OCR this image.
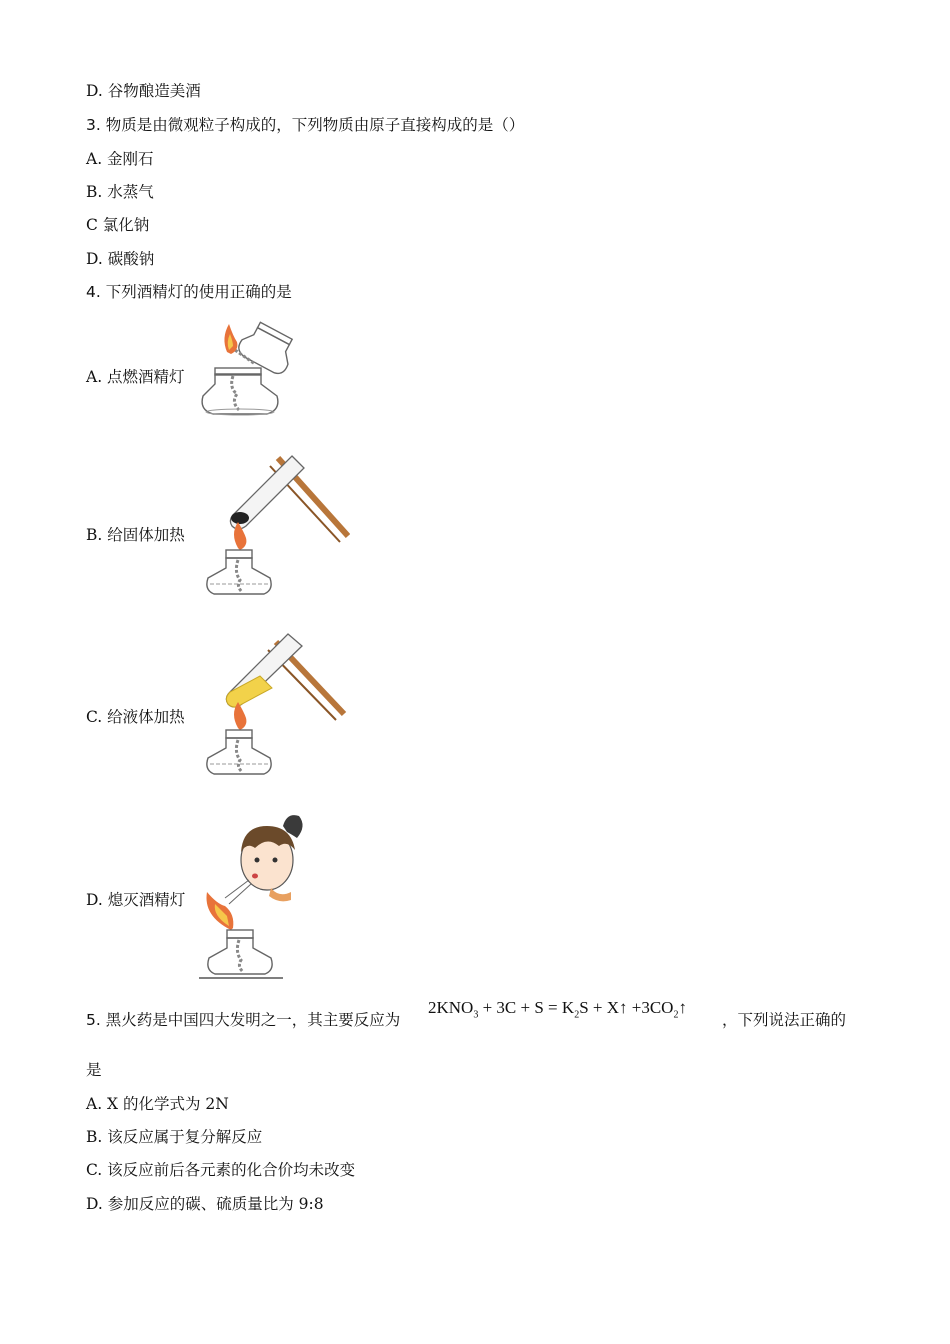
D. 谷物酿造美酒
3. 物质是由微观粒子构成的，下列物质由原子直接构成的是（）
A. 金刚石
B. 水蒸气
C 氯化钠
D. 碳酸钠
4. 下列酒精灯的使用正确的是
A. 点燃酒精灯
B. 给固体加热
C. 给液体加热
D. 熄灭酒精灯
5. 黑火药是中国四大发明之一，其主要反应为
$2KNO_3 + 3C + S = K_2S$ + X↑ $+3CO_2↑$
，下列说法正确的
是
A. X 的化学式为 2N
B. 该反应属于复分解反应
C. 该反应前后各元素的化合价均未改变
D. 参加反应的碳、硫质量比为 9:8
